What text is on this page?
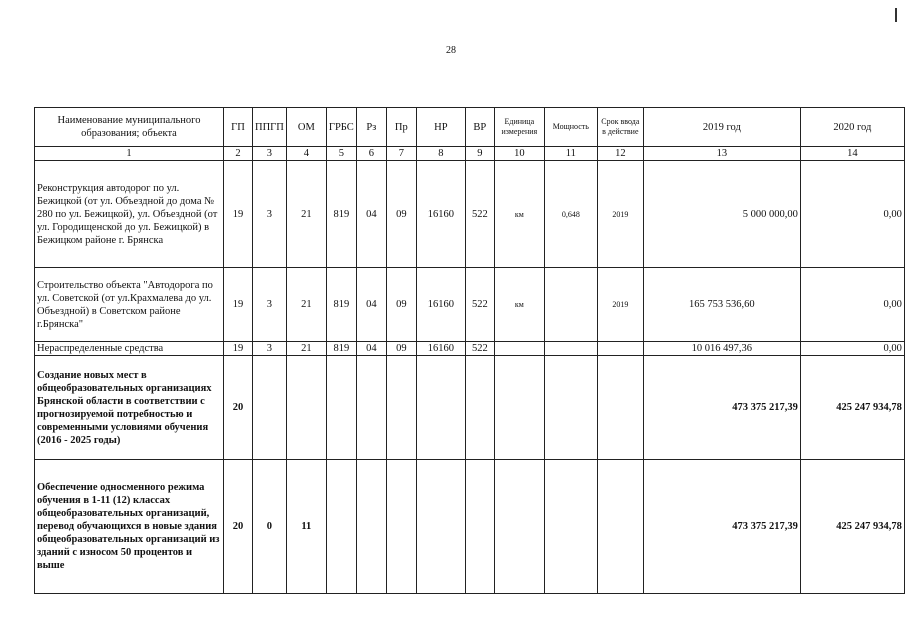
28
Наименование муниципального образования; объекта	ГП	ППГП	ОМ	ГРБС	Рз	Пр	НР	ВР	Единица измерения	Мощность	Срок ввода в действие	2019 год	2020 год
1	2	3	4	5	6	7	8	9	10	11	12	13	14
Реконструкция автодорог по ул. Бежицкой (от ул. Объездной до дома № 280 по ул. Бежицкой), ул. Объездной (от ул. Городищенской до ул. Бежицкой) в Бежицком районе г. Брянска	19	3	21	819	04	09	16160	522	км	0,648	2019	5 000 000,00	0,00
Строительство объекта "Автодорога по ул. Советской (от ул.Крахмалева до ул. Объездной) в Советском районе г.Брянска"	19	3	21	819	04	09	16160	522	км		2019	165 753 536,60	0,00
Нераспределенные средства	19	3	21	819	04	09	16160	522				10 016 497,36	0,00
Создание новых мест в общеобразовательных организациях Брянской области в соответствии с прогнозируемой потребностью и современными условиями обучения (2016 - 2025 годы)	20											473 375 217,39	425 247 934,78
Обеспечение односменного режима обучения в 1-11 (12) классах общеобразовательных организаций, перевод обучающихся в новые здания общеобразовательных организаций из зданий с износом 50 процентов и выше	20	0	11									473 375 217,39	425 247 934,78
